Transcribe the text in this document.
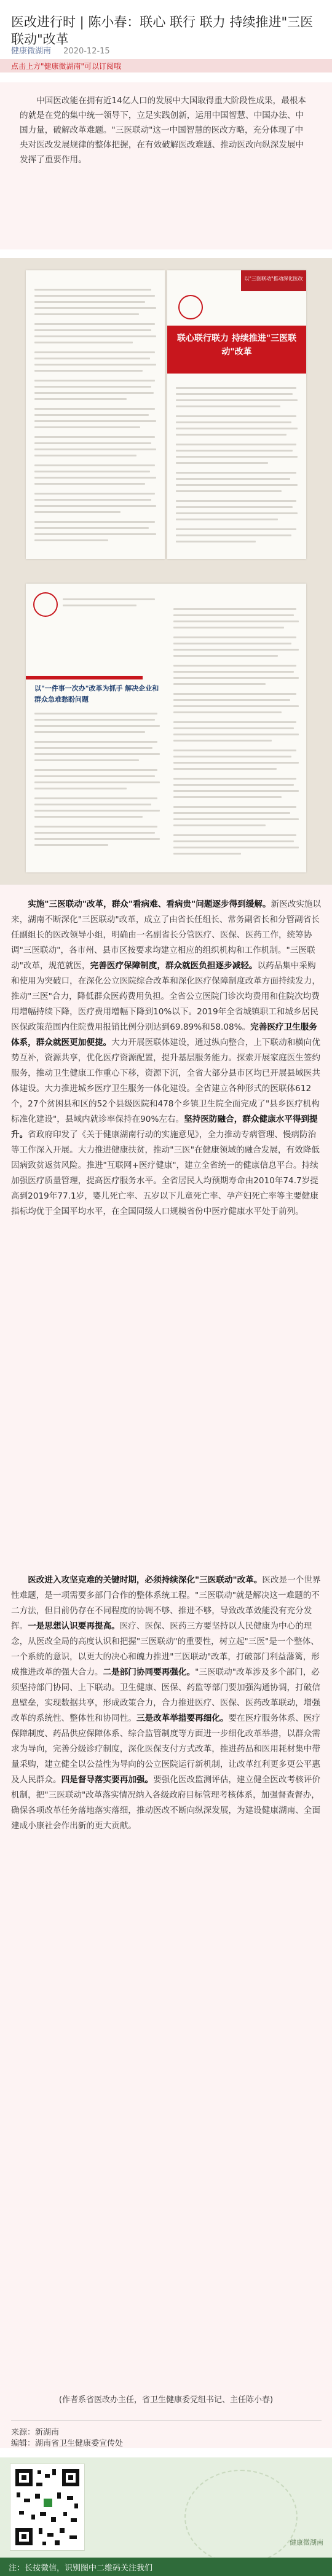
医改进行时 | 陈小春：联心 联行 联力 持续推进"三医联动"改革
健康微湖南 2020-12-15
点击上方"健康微湖南"可以订阅哦

中国医改能在拥有近14亿人口的发展中大国取得重大阶段性成果，最根本的就是在党的集中统一领导下，立足实践创新，运用中国智慧、中国办法、中国力量，破解改革难题。"三医联动"这一中国智慧的医改方略，充分体现了中央对医改发展规律的整体把握，在有效破解医改难题、推动医改向纵深发展中发挥了重要作用。

联心联行联力 持续推进"三医联动"改革
以"三医联动"推动深化医改
以"一件事一次办"改革为抓手 解决企业和群众急难愁盼问题

实施"三医联动"改革，群众"看病难、看病贵"问题逐步得到缓解。新医改实施以来，湖南不断深化"三医联动"改革，成立了由省长任组长、常务副省长和分管副省长任副组长的医改领导小组，明确由一名副省长分管医疗、医保、医药工作，统筹协调"三医联动"，各市州、县市区按要求均建立相应的组织机构和工作机制。"三医联动"改革，规范就医，完善医疗保障制度，群众就医负担逐步减轻。以药品集中采购和使用为突破口，在深化公立医院综合改革和深化医疗保障制度改革方面持续发力，推动"三医"合力，降低群众医药费用负担。全省公立医院门诊次均费用和住院次均费用增幅持续下降，医疗费用增幅下降到10%以下。2019年全省城镇职工和城乡居民医保政策范围内住院费用报销比例分别达到69.89%和58.08%。完善医疗卫生服务体系，群众就医更加便捷。大力开展医联体建设，通过纵向整合，上下联动和横向优势互补，资源共享，优化医疗资源配置，提升基层服务能力。探索开展家庭医生签约服务，推动卫生健康工作重心下移，资源下沉，全省大部分县市区均已开展县域医共体建设。大力推进城乡医疗卫生服务一体化建设。全省建立各种形式的医联体612个，27个贫困县和区的52个县级医院和478个乡镇卫生院全面完成了"县乡医疗机构标准化建设"，县域内就诊率保持在90%左右。坚持医防融合，群众健康水平得到提升。省政府印发了《关于健康湖南行动的实施意见》，全力推动专病管理、慢病防治等工作深入开展。大力推进健康扶贫，推动"三医"在健康领域的融合发展，有效降低因病致贫返贫风险。推进"互联网+医疗健康"，建立全省统一的健康信息平台。持续加强医疗质量管理，提高医疗服务水平。全省居民人均预期寿命由2010年74.7岁提高到2019年77.1岁，婴儿死亡率、五岁以下儿童死亡率、孕产妇死亡率等主要健康指标均优于全国平均水平，在全国同级人口规模省份中医疗健康水平处于前列。

医改进入攻坚克难的关键时期，必须持续深化"三医联动"改革。医改是一个世界性难题，是一项需要多部门合作的整体系统工程。"三医联动"就是解决这一难题的不二方法，但目前仍存在不同程度的协调不够、推进不够，导致改革效能没有充分发挥。一是思想认识要再提高。医疗、医保、医药三方要坚持以人民健康为中心的理念，从医改全局的高度认识和把握"三医联动"的重要性，树立起"三医"是一个整体、一个系统的意识，以更大的决心和魄力推进"三医联动"改革，打破部门利益藩篱，形成推进改革的强大合力。二是部门协同要再强化。"三医联动"改革涉及多个部门，必须坚持部门协同、上下联动。卫生健康、医保、药监等部门要加强沟通协调，打破信息壁垒，实现数据共享，形成政策合力，合力推进医疗、医保、医药改革联动，增强改革的系统性、整体性和协同性。三是改革举措要再细化。要在医疗服务体系、医疗保障制度、药品供应保障体系、综合监管制度等方面进一步细化改革举措，以群众需求为导向，完善分级诊疗制度，深化医保支付方式改革，推进药品和医用耗材集中带量采购，建立健全以公益性为导向的公立医院运行新机制，让改革红利更多更公平惠及人民群众。四是督导落实要再加强。要强化医改监测评估，建立健全医改考核评价机制，把"三医联动"改革落实情况纳入各级政府目标管理考核体系，加强督查督办，确保各项改革任务落地落实落细，推动医改不断向纵深发展，为建设健康湖南、全面建成小康社会作出新的更大贡献。

(作者系省医改办主任，省卫生健康委党组书记、主任陈小春)
来源：新湖南
编辑：湖南省卫生健康委宣传处
健康微湖南
注：长按微信，识别图中二维码关注我们
